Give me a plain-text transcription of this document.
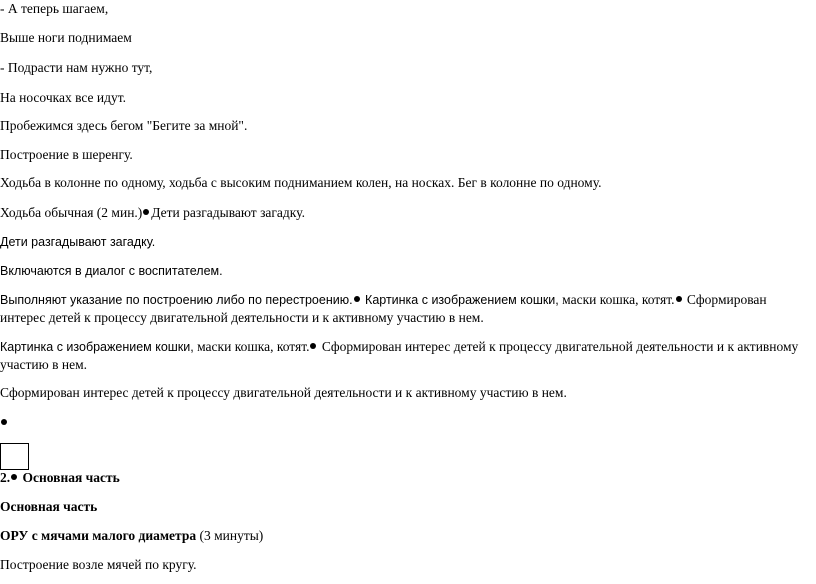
- А теперь шагаем,
Выше ноги поднимаем
- Подрасти нам нужно тут,
На носочках все идут.
Пробежимся здесь бегом "Бегите за мной".
Построение в шеренгу.
Ходьба в колонне по одному, ходьба с высоким подниманием колен, на носках. Бег в колонне по одному.
Ходьба обычная (2 мин.) Дети разгадывают загадку.
Дети разгадывают загадку.
Включаются в диалог с воспитателем.
Выполняют указание по построению либо по перестроению. Картинка с изображением кошки, маски кошка, котят. Сформирован интерес детей к процессу двигательной деятельности и к активному участию в нем.
Картинка с изображением кошки, маски кошка, котят. Сформирован интерес детей к процессу двигательной деятельности и к активному участию в нем.
Сформирован интерес детей к процессу двигательной деятельности и к активному участию в нем.
2. Основная часть
Основная часть
ОРУ с мячами малого диаметра (3 минуты)
Построение возле мячей по кругу.
